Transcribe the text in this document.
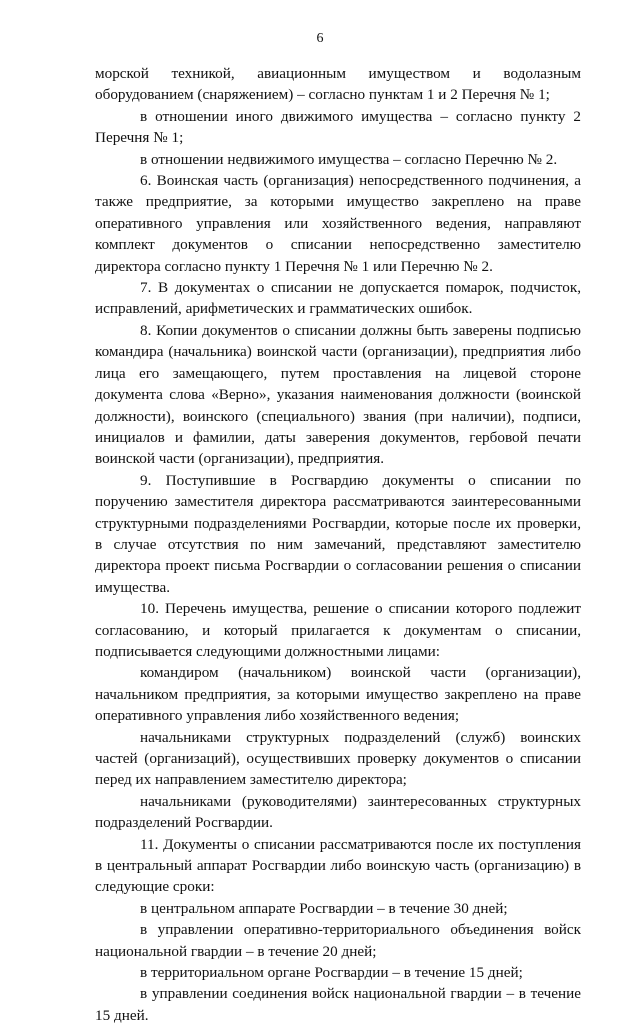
6

морской техникой, авиационным имуществом и водолазным оборудованием (снаряжением) – согласно пунктам 1 и 2 Перечня № 1;

в отношении иного движимого имущества – согласно пункту 2 Перечня № 1;

в отношении недвижимого имущества – согласно Перечню № 2.

6. Воинская часть (организация) непосредственного подчинения, а также предприятие, за которыми имущество закреплено на праве оперативного управления или хозяйственного ведения, направляют комплект документов о списании непосредственно заместителю директора согласно пункту 1 Перечня № 1 или Перечню № 2.

7. В документах о списании не допускается помарок, подчисток, исправлений, арифметических и грамматических ошибок.

8. Копии документов о списании должны быть заверены подписью командира (начальника) воинской части (организации), предприятия либо лица его замещающего, путем проставления на лицевой стороне документа слова «Верно», указания наименования должности (воинской должности), воинского (специального) звания (при наличии), подписи, инициалов и фамилии, даты заверения документов, гербовой печати воинской части (организации), предприятия.

9. Поступившие в Росгвардию документы о списании по поручению заместителя директора рассматриваются заинтересованными структурными подразделениями Росгвардии, которые после их проверки, в случае отсутствия по ним замечаний, представляют заместителю директора проект письма Росгвардии о согласовании решения о списании имущества.

10. Перечень имущества, решение о списании которого подлежит согласованию, и который прилагается к документам о списании, подписывается следующими должностными лицами:

командиром (начальником) воинской части (организации), начальником предприятия, за которыми имущество закреплено на праве оперативного управления либо хозяйственного ведения;

начальниками структурных подразделений (служб) воинских частей (организаций), осуществивших проверку документов о списании перед их направлением заместителю директора;

начальниками (руководителями) заинтересованных структурных подразделений Росгвардии.

11. Документы о списании рассматриваются после их поступления в центральный аппарат Росгвардии либо воинскую часть (организацию) в следующие сроки:

в центральном аппарате Росгвардии – в течение 30 дней;

в управлении оперативно-территориального объединения войск национальной гвардии – в течение 20 дней;

в территориальном органе Росгвардии – в течение 15 дней;

в управлении соединения войск национальной гвардии – в течение 15 дней.
